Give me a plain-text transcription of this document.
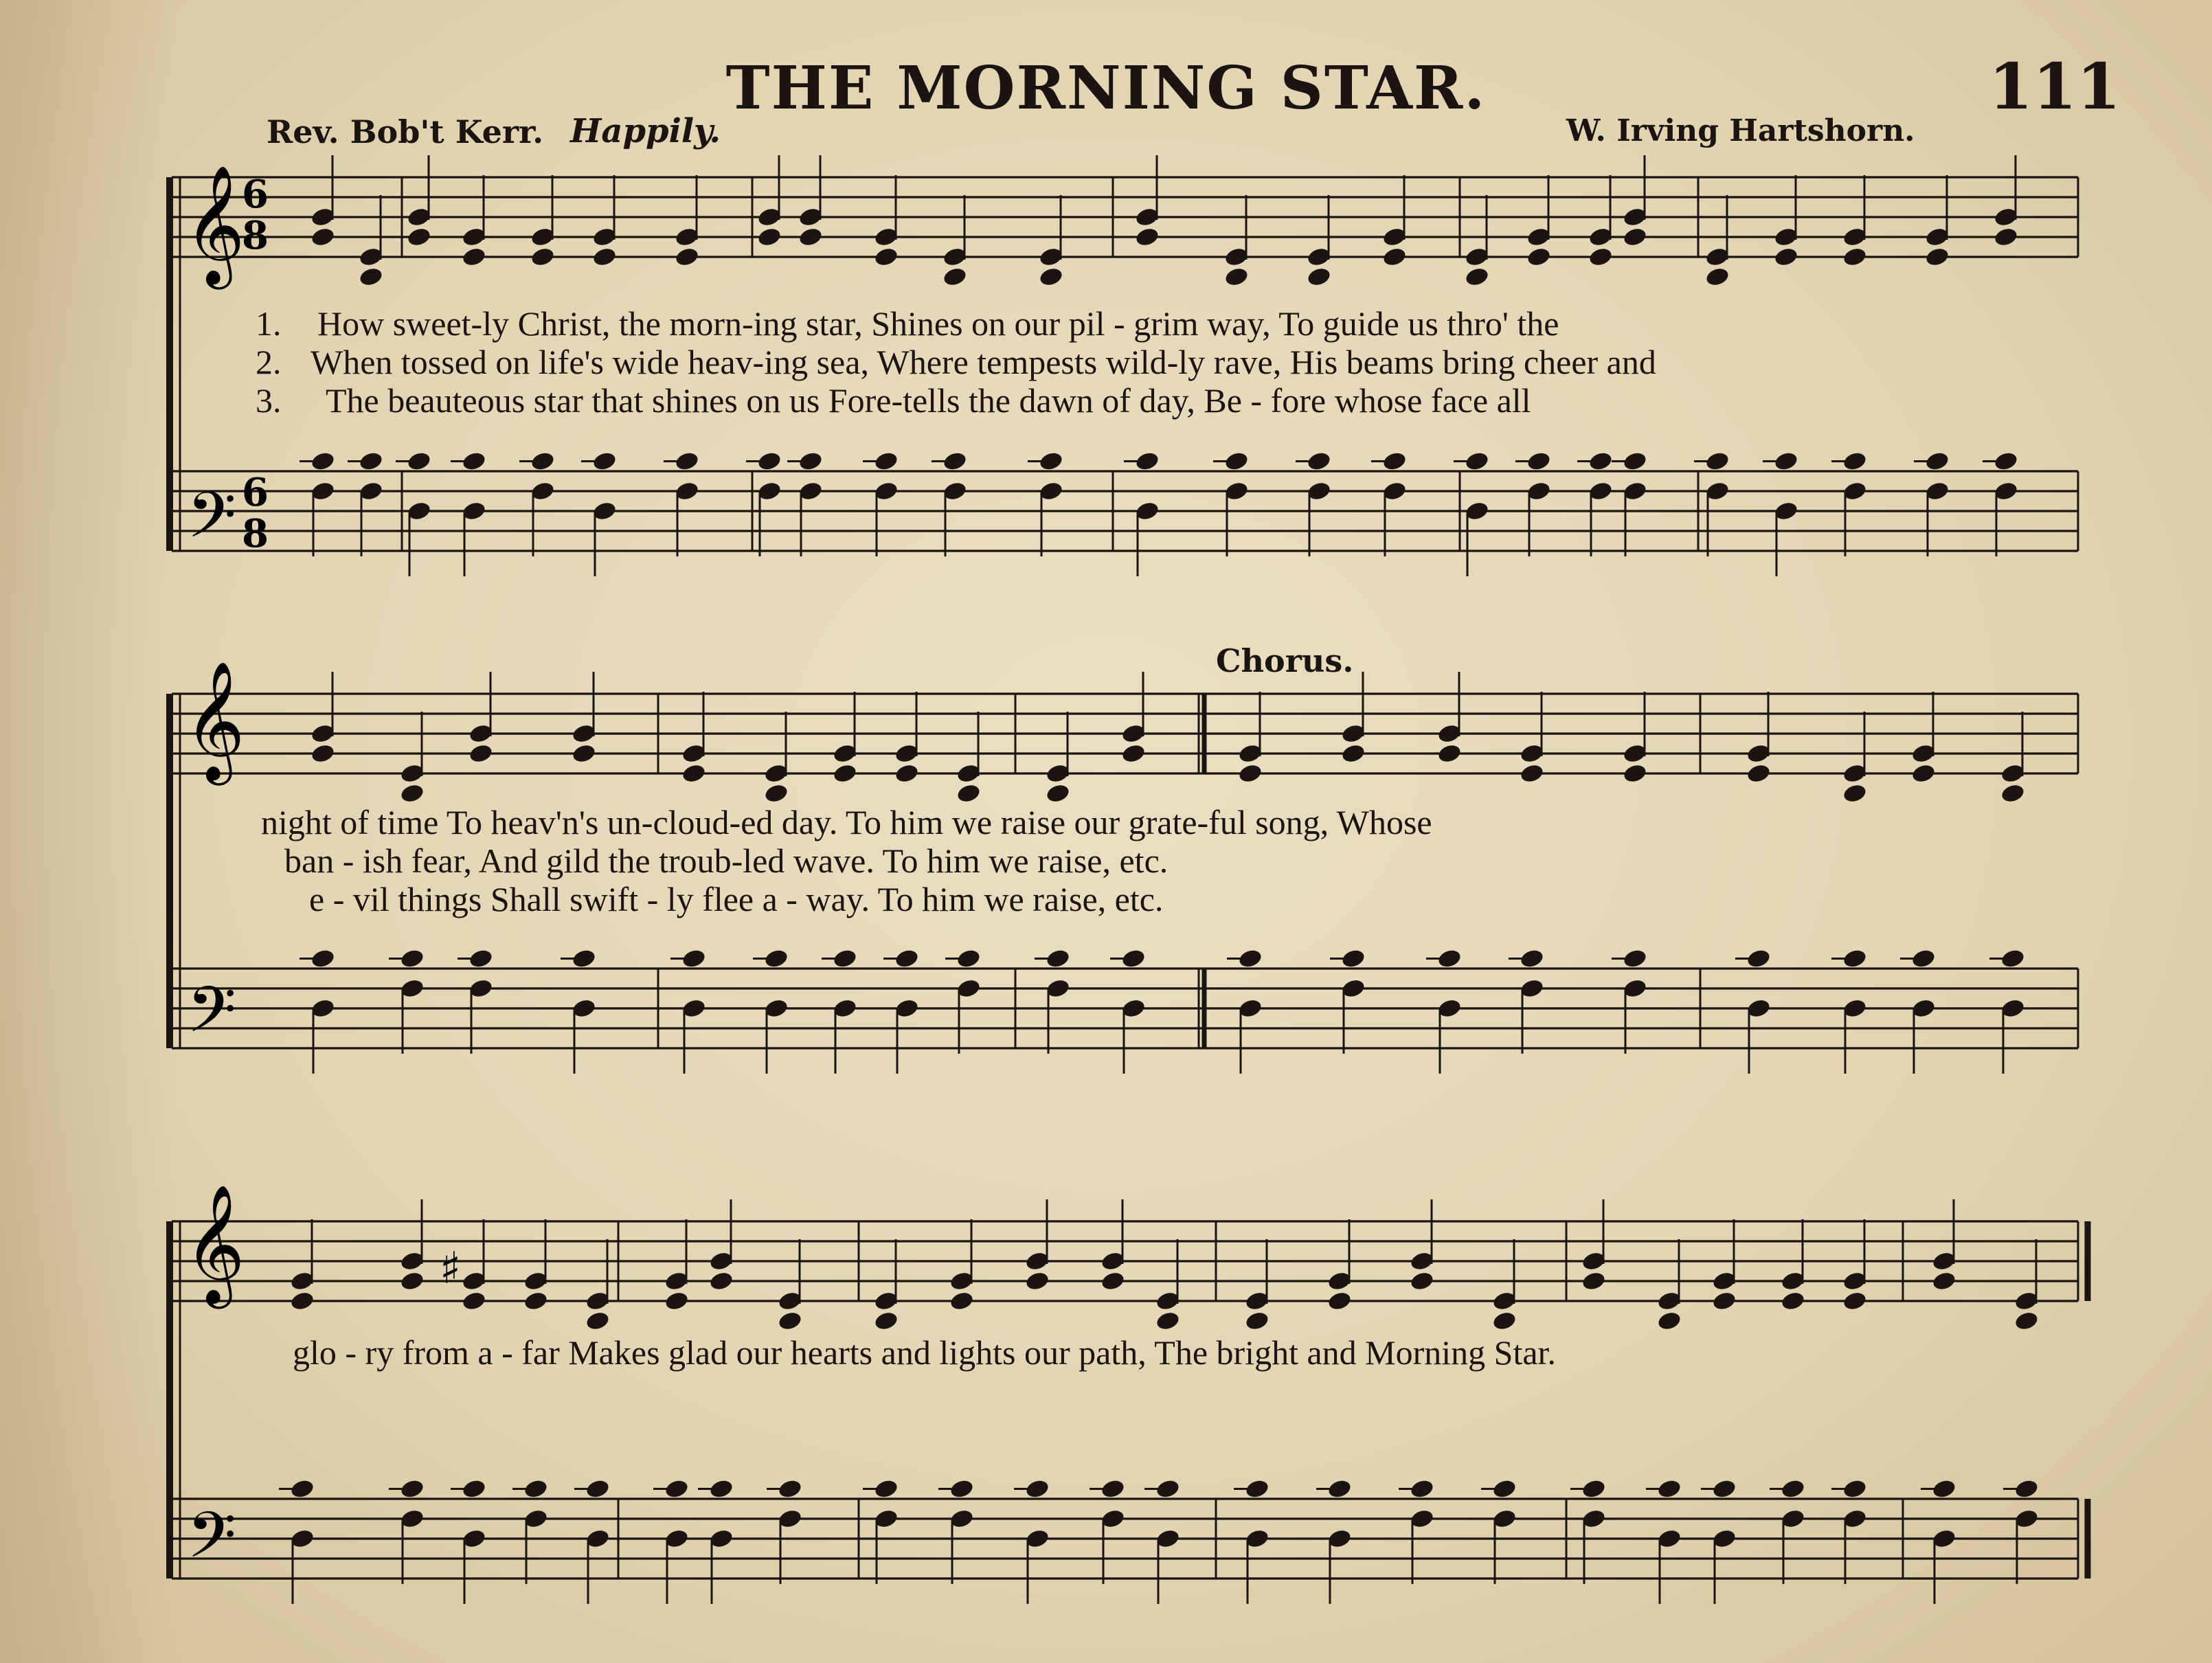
THE MORNING STAR.	111
Rev. Bob't Kerr. Happily.	W. Irving Hartshorn.
Chorus.
1.
2.
3.
How sweet-ly Christ, the morn-ing star, Shines on our pil - grim way, To guide us thro' the
When tossed on life's wide heav-ing sea, Where tempests wild-ly rave, His beams bring cheer and
The beauteous star that shines on us Fore-tells the dawn of day, Be - fore whose face all
night of time To heav'n's un-cloud-ed day. To him we raise our grate-ful song, Whose
ban - ish fear, And gild the troub-led wave. To him we raise, etc.
e - vil things Shall swift - ly flee a - way. To him we raise, etc.
glo - ry from a - far Makes glad our hearts and lights our path, The bright and Morning Star.
𝄞
𝄢
𝄞
𝄢
𝄞
𝄢
6
8
6
8
♯
